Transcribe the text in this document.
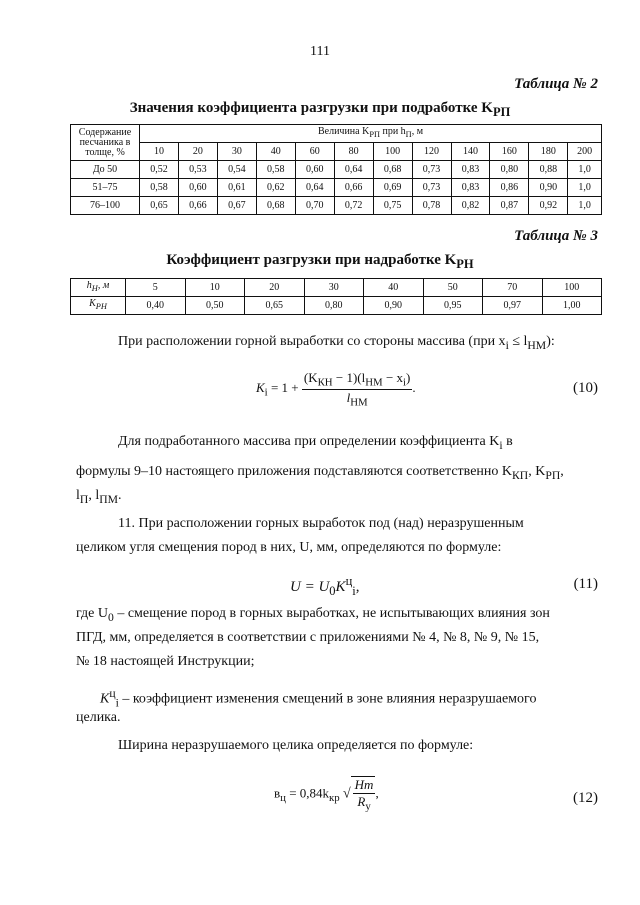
111
Таблица № 2
Значения коэффициента разгрузки при подработке $K_{РП}$
Содержание песчаника в толще, %	Величина $K_{РП}$ при $h_П$, м											
	10	20	30	40	60	80	100	120	140	160	180	200
До 50	0,52	0,53	0,54	0,58	0,60	0,64	0,68	0,73	0,83	0,80	0,88	1,0
51–75	0,58	0,60	0,61	0,62	0,64	0,66	0,69	0,73	0,83	0,86	0,90	1,0
76–100	0,65	0,66	0,67	0,68	0,70	0,72	0,75	0,78	0,82	0,87	0,92	1,0
Таблица № 3
Коэффициент разгрузки при надработке $K_{РН}$
$h_Н$, м	5	10	20	30	40	50	70	100
$K_{РН}$	0,40	0,50	0,65	0,80	0,90	0,95	0,97	1,00
При расположении горной выработки со стороны массива (при $x_i \le l_{НМ}$):
$K_i = 1 + \frac{(K_{КН} - 1)(l_{НМ} - x_i)}{l_{НМ}}$ .	(10)
Для подработанного массива при определении коэффициента $K_i$ в
формулы 9–10 настоящего приложения подставляются соответственно $K_{КП}$, $K_{РП}$,
$l_П$, $l_{ПМ}$.
11. При расположении горных выработок под (над) неразрушенным
целиком угля смещения пород в них, U, мм, определяются по формуле:
$U = U_0K^ц_i$,	(11)
где $U_0$ – смещение пород в горных выработках, не испытывающих влияния зон
ПГД, мм, определяется в соответствии с приложениями № 4, № 8, № 9, № 15,
№ 18 настоящей Инструкции;
$K^ц_i$ – коэффициент изменения смещений в зоне влияния неразрушаемого
целика.
Ширина неразрушаемого целика определяется по формуле:
$в_ц = 0,84k_{кр}$ √ $\frac{Hm}{R_у}$ ,	(12)
